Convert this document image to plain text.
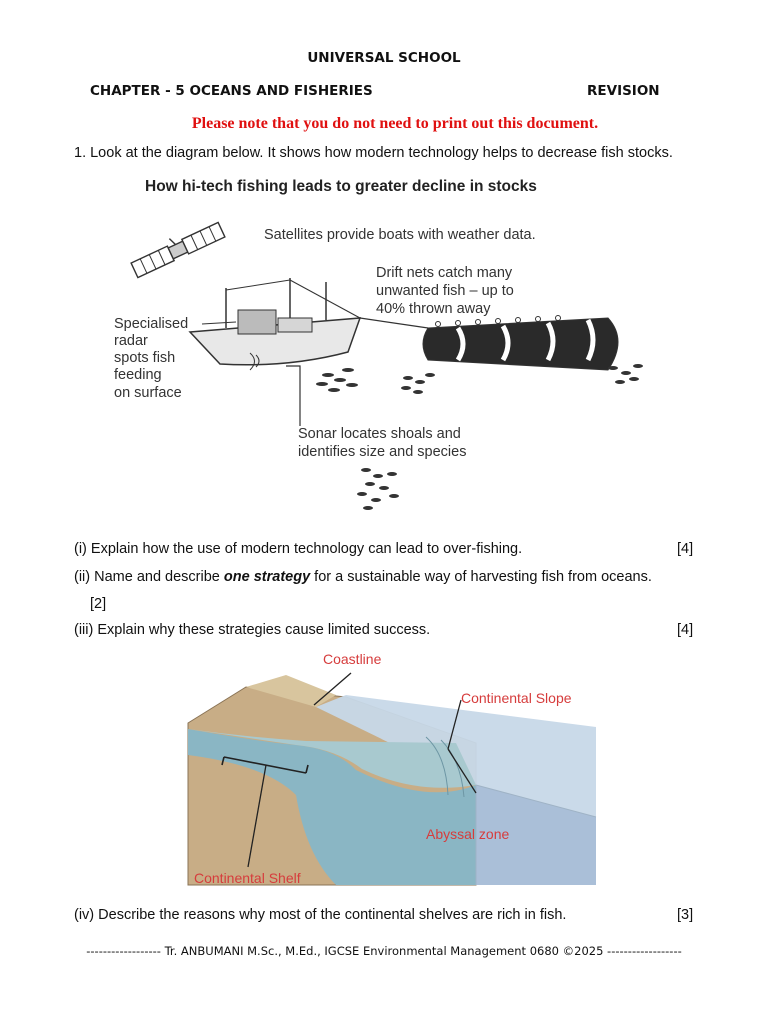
UNIVERSAL SCHOOL
CHAPTER - 5 OCEANS AND FISHERIES	REVISION
Please note that you do not need to print out this document.
1. Look at the diagram below. It shows how modern technology helps to decrease fish stocks.
How hi-tech fishing leads to greater decline in stocks
Satellites provide boats with weather data.
Drift nets catch many
unwanted fish – up to
40% thrown away
Specialised
radar
spots fish
feeding
on surface
Sonar locates shoals and
identifies size and species
(i) Explain how the use of modern technology can lead to over-fishing.	[4]
(ii) Name and describe one strategy for a sustainable way of harvesting fish from oceans.
[2]
(iii) Explain why these strategies cause limited success.	[4]
Coastline
Continental Slope
Abyssal zone
Continental Shelf
(iv) Describe the reasons why most of the continental shelves are rich in fish.	[3]
------------------ Tr. ANBUMANI M.Sc., M.Ed., IGCSE Environmental Management 0680 ©2025 ------------------
